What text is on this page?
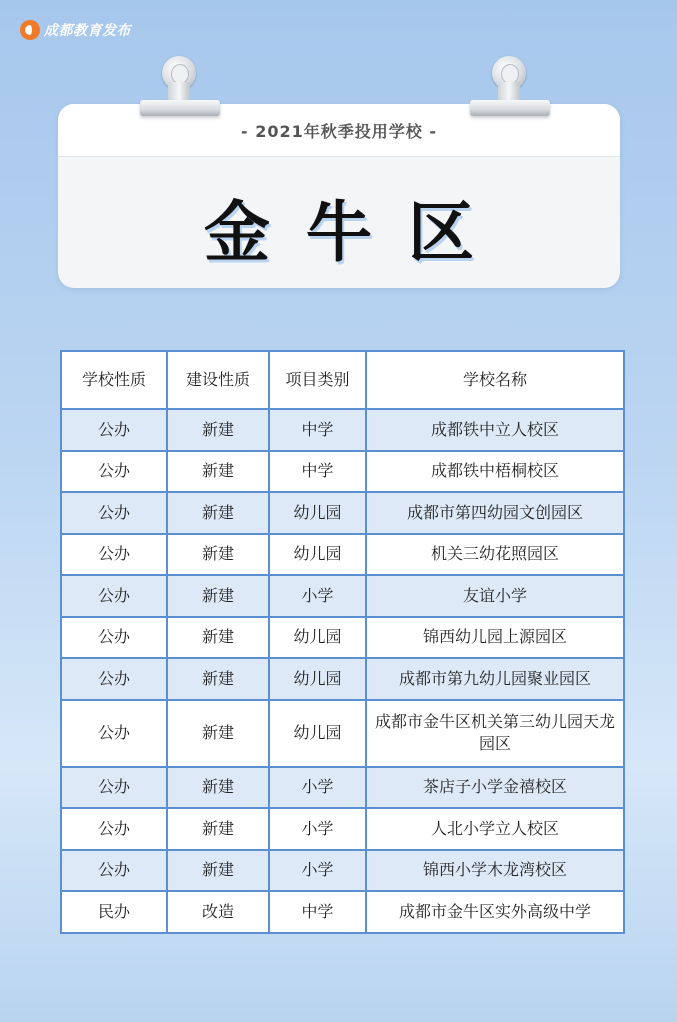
成都教育发布
- 2021年秋季投用学校 -
金牛区
学校性质	建设性质	项目类别	学校名称
公办	新建	中学	成都铁中立人校区
公办	新建	中学	成都铁中梧桐校区
公办	新建	幼儿园	成都市第四幼园文创园区
公办	新建	幼儿园	机关三幼花照园区
公办	新建	小学	友谊小学
公办	新建	幼儿园	锦西幼儿园上源园区
公办	新建	幼儿园	成都市第九幼儿园聚业园区
公办	新建	幼儿园	成都市金牛区机关第三幼儿园天龙园区
公办	新建	小学	茶店子小学金禧校区
公办	新建	小学	人北小学立人校区
公办	新建	小学	锦西小学木龙湾校区
民办	改造	中学	成都市金牛区实外高级中学
